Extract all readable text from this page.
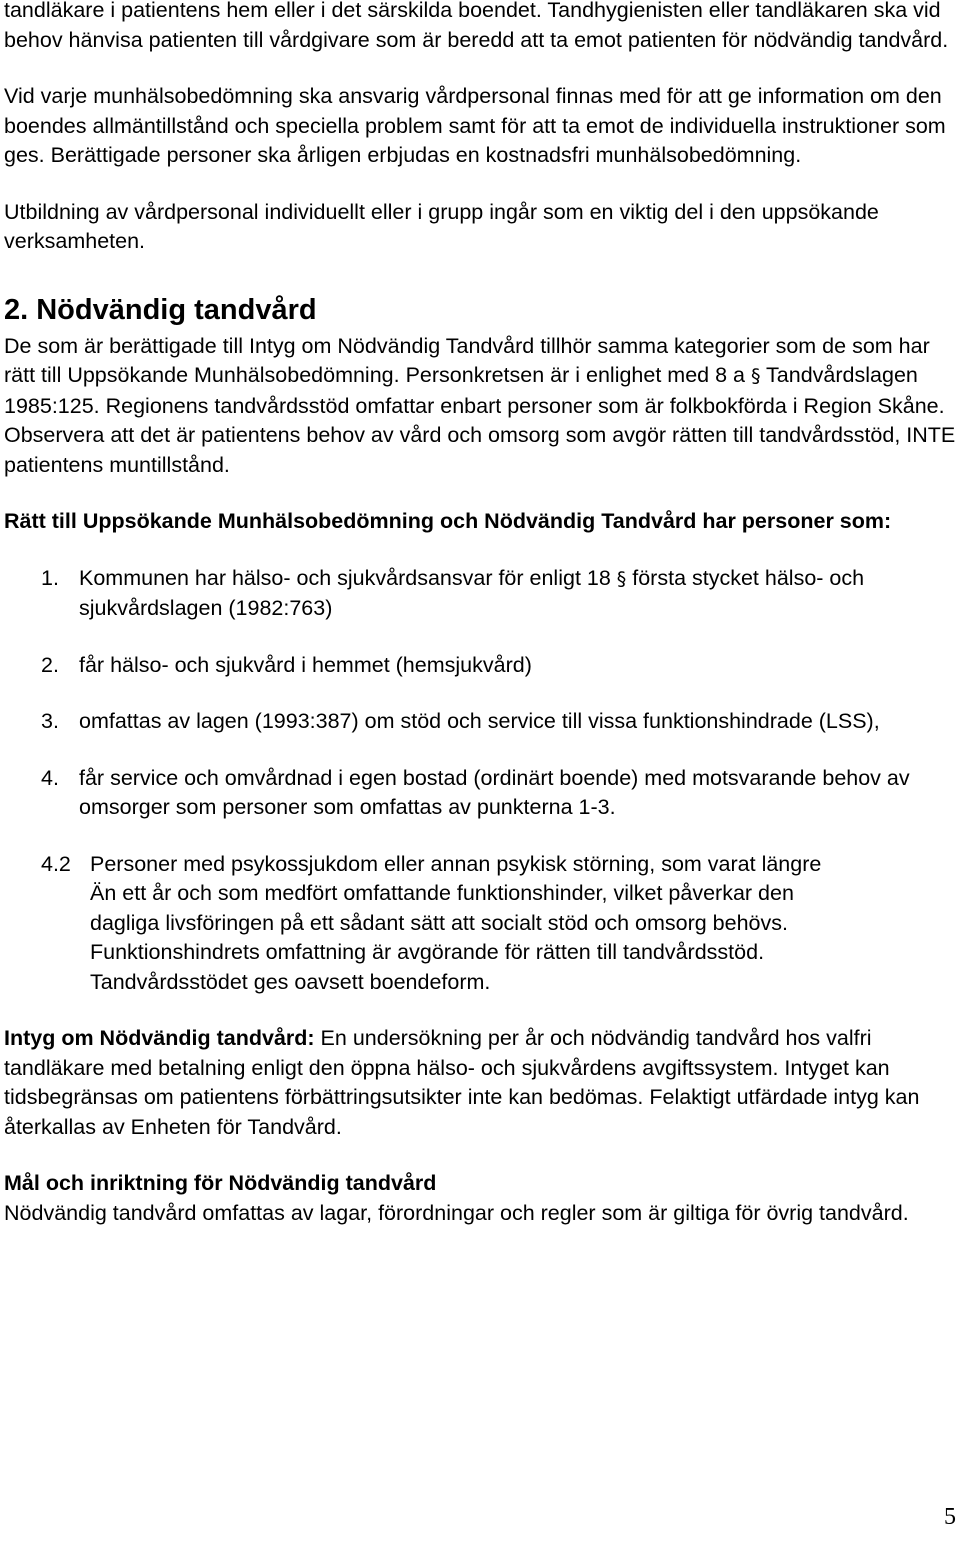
tandläkare i patientens hem eller i det särskilda boendet. Tandhygienisten eller tandläkaren ska vid behov hänvisa patienten till vårdgivare som är beredd att ta emot patienten för nödvändig tandvård.

Vid varje munhälsobedömning ska ansvarig vårdpersonal finnas med för att ge information om den boendes allmäntillstånd och speciella problem samt för att ta emot de individuella instruktioner som ges. Berättigade personer ska årligen erbjudas en kostnadsfri munhälsobedömning.

Utbildning av vårdpersonal individuellt eller i grupp ingår som en viktig del i den uppsökande verksamheten.

2. Nödvändig tandvård

De som är berättigade till Intyg om Nödvändig Tandvård tillhör samma kategorier som de som har rätt till Uppsökande Munhälsobedömning. Personkretsen är i enlighet med 8 a § Tandvårdslagen 1985:125. Regionens tandvårdsstöd omfattar enbart personer som är folkbokförda i Region Skåne.

Observera att det är patientens behov av vård och omsorg som avgör rätten till tandvårdsstöd, INTE patientens muntillstånd.

Rätt till Uppsökande Munhälsobedömning och Nödvändig Tandvård har personer som:

1. Kommunen har hälso- och sjukvårdsansvar för enligt 18 § första stycket hälso- och sjukvårdslagen (1982:763)
2. får hälso- och sjukvård i hemmet (hemsjukvård)
3. omfattas av lagen (1993:387) om stöd och service till vissa funktionshindrade (LSS),
4. får service och omvårdnad i egen bostad (ordinärt boende) med motsvarande behov av omsorger som personer som omfattas av punkterna 1-3.
4.2 Personer med psykossjukdom eller annan psykisk störning, som varat längre
Än ett år och som medfört omfattande funktionshinder, vilket påverkar den
dagliga livsföringen på ett sådant sätt att socialt stöd och omsorg behövs.
Funktionshindrets omfattning är avgörande för rätten till tandvårdsstöd.
Tandvårdsstödet ges oavsett boendeform.

Intyg om Nödvändig tandvård: En undersökning per år och nödvändig tandvård hos valfri tandläkare med betalning enligt den öppna hälso- och sjukvårdens avgiftssystem. Intyget kan tidsbegränsas om patientens förbättringsutsikter inte kan bedömas. Felaktigt utfärdade intyg kan återkallas av Enheten för Tandvård.

Mål och inriktning för Nödvändig tandvård

Nödvändig tandvård omfattas av lagar, förordningar och regler som är giltiga för övrig tandvård.

5
